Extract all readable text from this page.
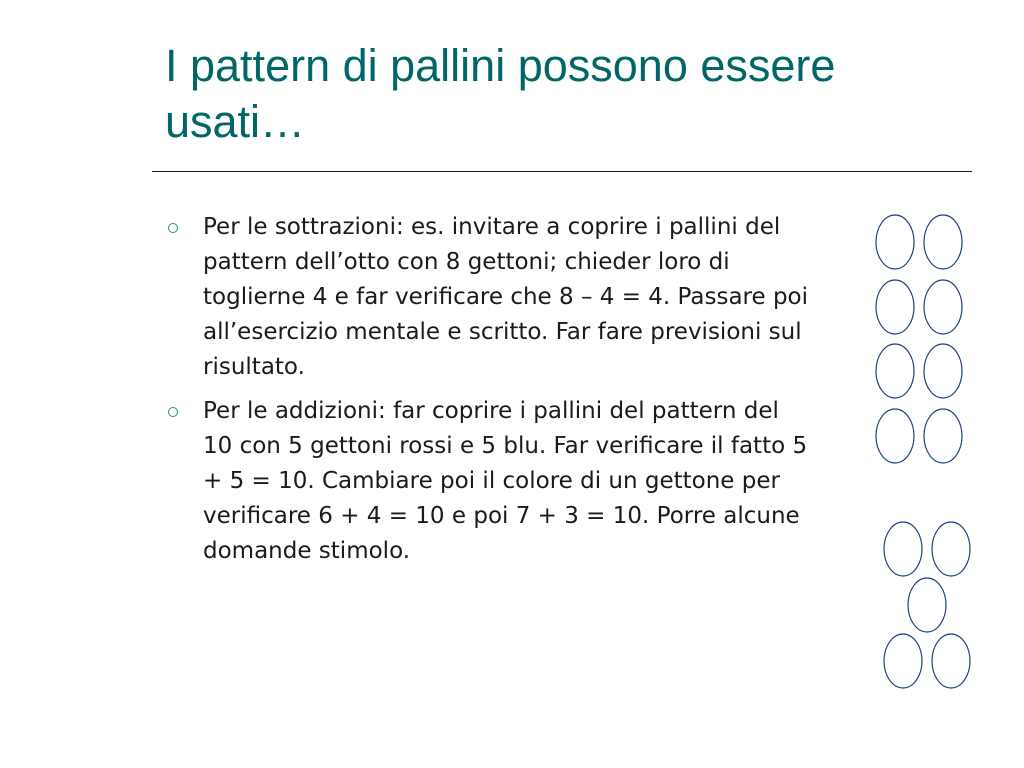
I pattern di pallini possono essere usati…
Per le sottrazioni: es. invitare a coprire i pallini del pattern dell’otto con 8 gettoni; chieder loro di toglierne 4 e far verificare che 8 – 4 = 4. Passare poi all’esercizio mentale e scritto. Far fare previsioni sul risultato.
Per le addizioni: far coprire i pallini del pattern del 10 con 5 gettoni rossi e 5 blu. Far verificare il fatto 5 + 5 = 10. Cambiare poi il colore di un gettone per verificare 6 + 4 = 10 e poi 7 + 3 = 10. Porre alcune domande stimolo.
